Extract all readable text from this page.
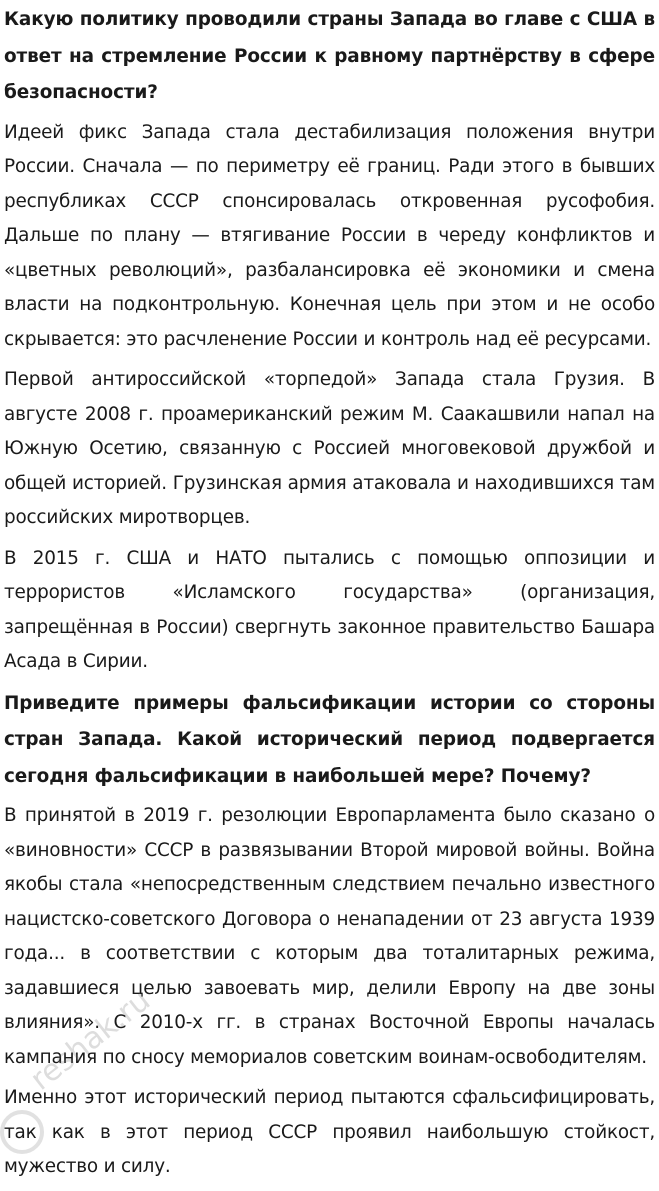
Какую политику проводили страны Запада во главе с США в ответ на стремление России к равному партнёрству в сфере безопасности?

Идеей фикс Запада стала дестабилизация положения внутри России. Сначала — по периметру её границ. Ради этого в бывших республиках СССР спонсировалась откровенная русофобия. Дальше по плану — втягивание России в череду конфликтов и «цветных революций», разбалансировка её экономики и смена власти на подконтрольную. Конечная цель при этом и не особо скрывается: это расчленение России и контроль над её ресурсами.

Первой антироссийской «торпедой» Запада стала Грузия. В августе 2008 г. проамериканский режим М. Саакашвили напал на Южную Осетию, связанную с Россией многовековой дружбой и общей историей. Грузинская армия атаковала и находившихся там российских миротворцев.

В 2015 г. США и НАТО пытались с помощью оппозиции и террористов «Исламского государства» (организация, запрещённая в России) свергнуть законное правительство Башара Асада в Сирии.

Приведите примеры фальсификации истории со стороны стран Запада. Какой исторический период подвергается сегодня фальсификации в наибольшей мере? Почему?

В принятой в 2019 г. резолюции Европарламента было сказано о «виновности» СССР в развязывании Второй мировой войны. Война якобы стала «непосредственным следствием печально известного нацистско-советского Договора о ненападении от 23 августа 1939 года... в соответствии с которым два тоталитарных режима, задавшиеся целью завоевать мир, делили Европу на две зоны влияния». С 2010-х гг. в странах Восточной Европы началась кампания по сносу мемориалов советским воинам-освободителям.

Именно этот исторический период пытаются сфальсифицировать, так как в этот период СССР проявил наибольшую стойкост, мужество и силу.

reshak.ru
